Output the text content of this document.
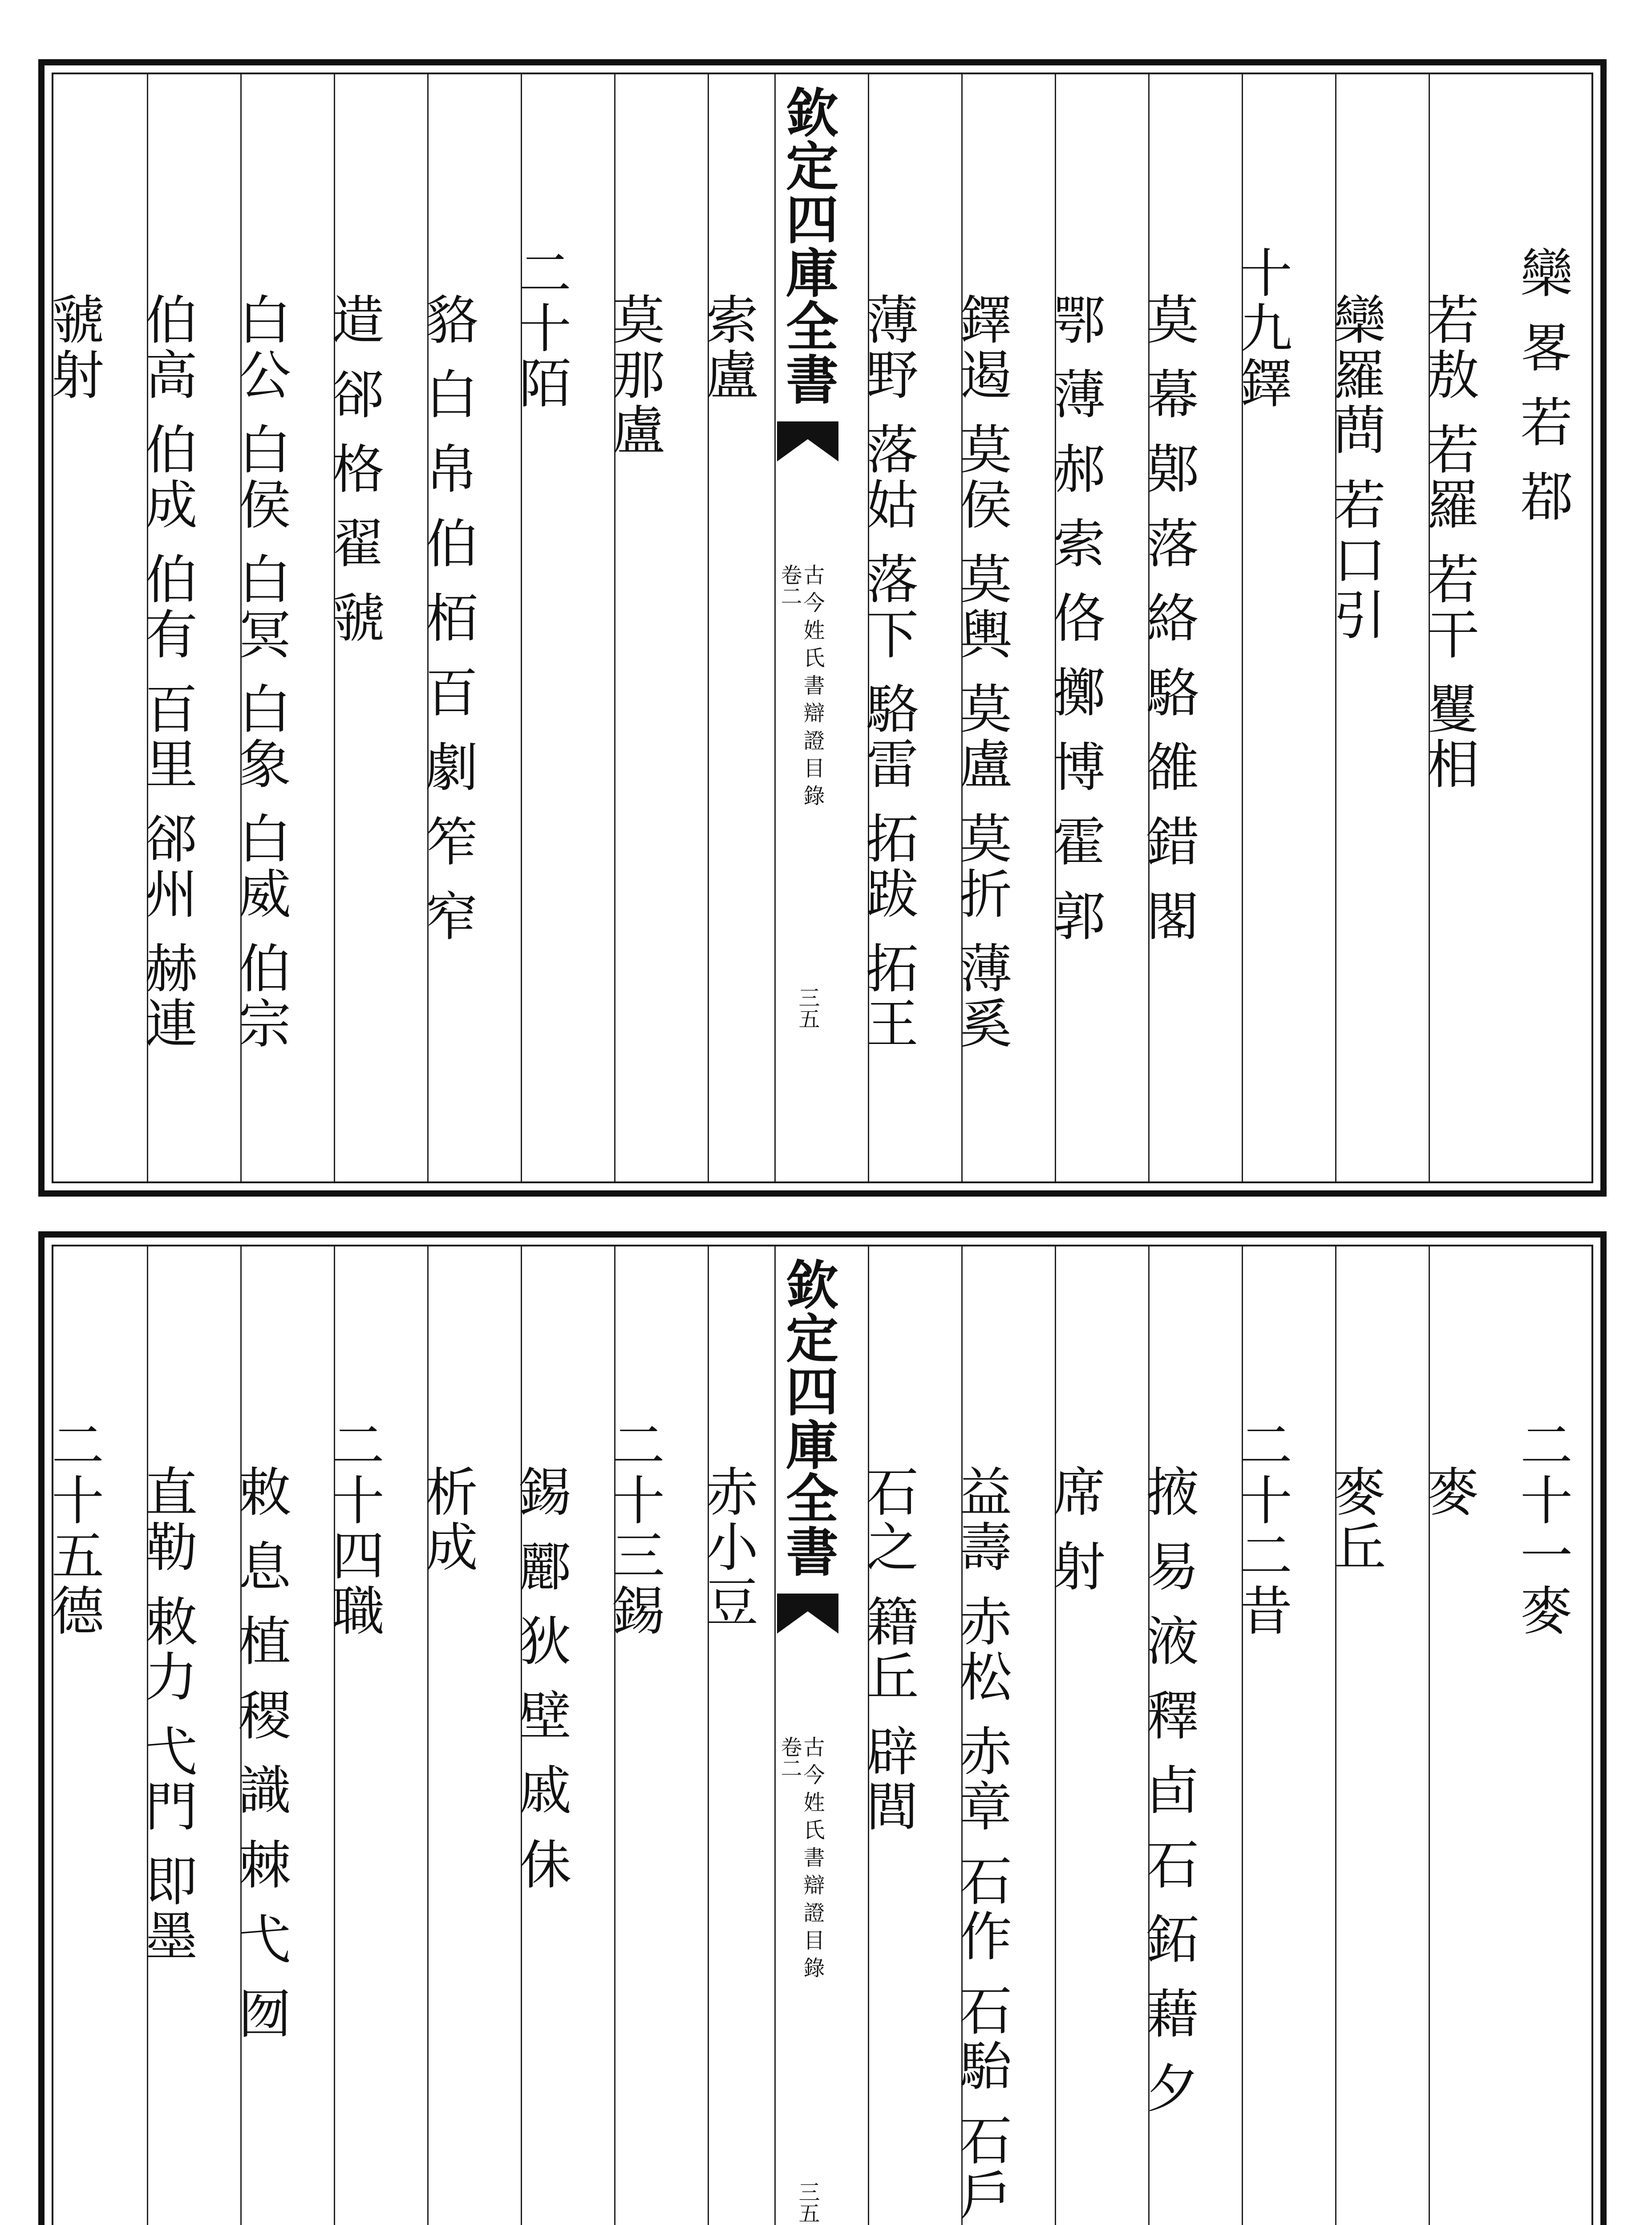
欒 畧 若 鄀
若敖 若羅 若干 矍相
欒羅蔄 若口引
十九鐸
莫 幕 鄚 落 絡 駱 雒 錯 閣
鄂 薄 郝 索 佫 擲 博 霍 郭
鐸遏 莫侯 莫輿 莫盧 莫折 薄奚
薄野 落姑 落下 駱雷 拓跋 拓王
欽定四庫全書
古今姓氏書辯證目錄
卷二
三五
索盧
莫那盧
二十陌
貉 白 帛 伯 栢 百 劇 笮 窄
逪 郤 格 翟 虢
白公 白侯 白冥 白象 白威 伯宗
伯高 伯成 伯有 百里 郤州 赫連
虢射
二十一麥
麥
麥丘
二十二昔
掖 易 液 釋 卣 石 鉐 藉 夕
席 射
益壽 赤松 赤章 石作 石駘 石戶
石之 籍丘 辟閭
欽定四庫全書
古今姓氏書辯證目錄
卷二
三五
赤小豆
二十三錫
錫 酈 狄 壁 戚 佅
析成
二十四職
敕 息 植 稷 識 棘 弋 囫
直勒 敕力 弋門 即墨
二十五德
